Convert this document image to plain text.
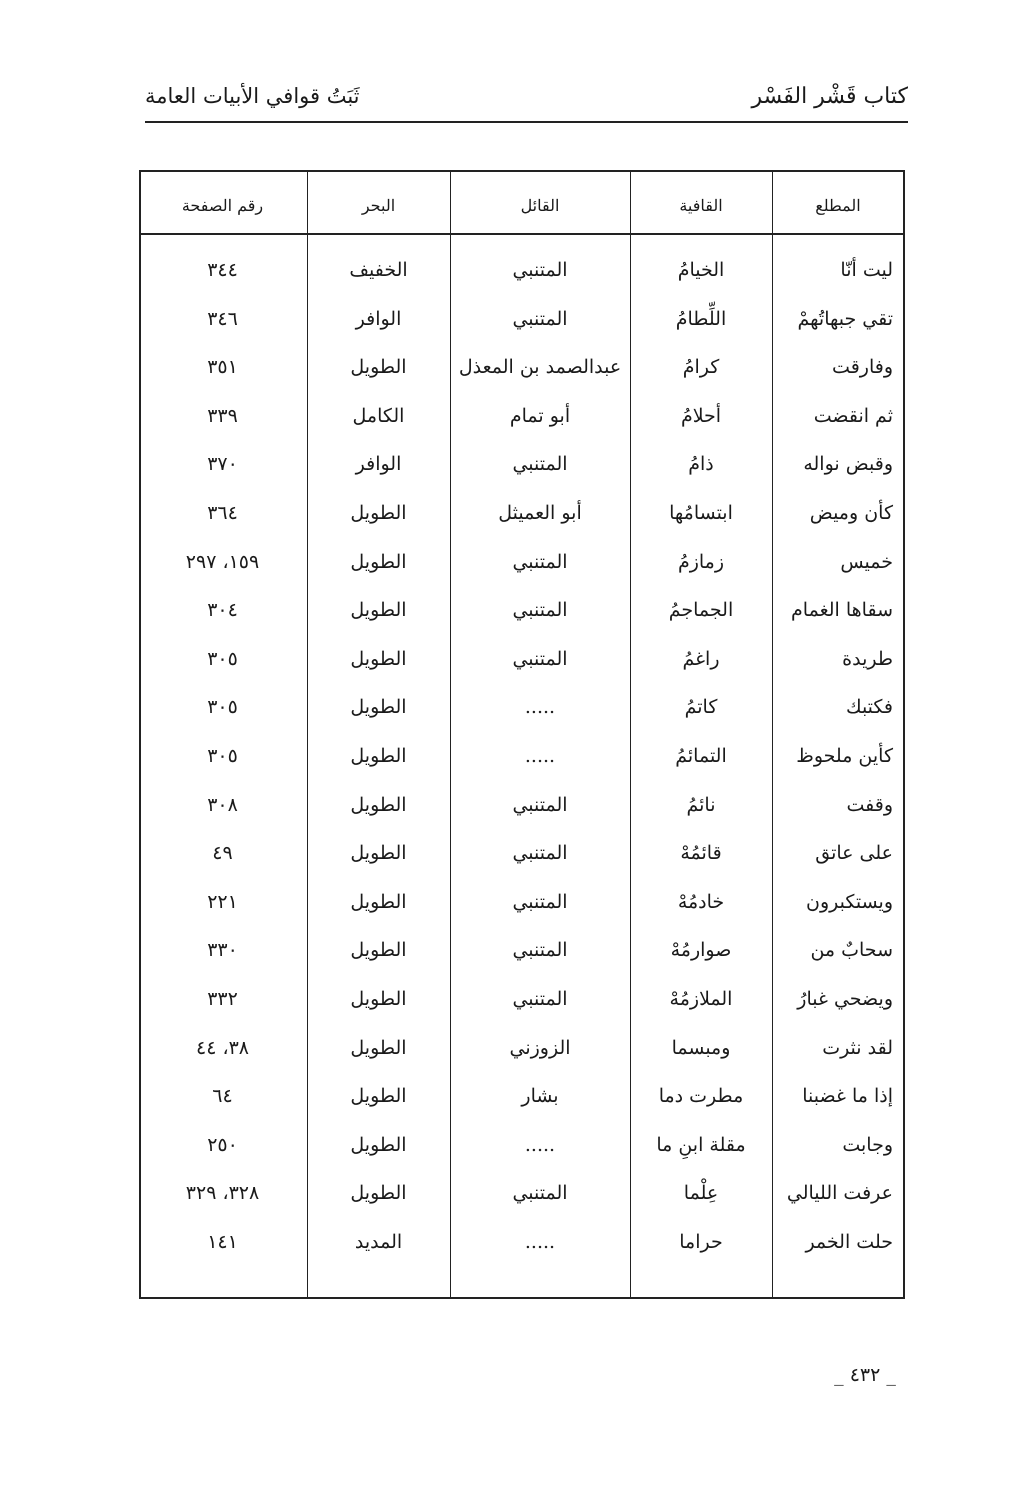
كتاب قَشْر الفَسْر
ثَبَتُ قوافي الأبيات العامة
المطلع
القافية
القائل
البحر
رقم الصفحة
ليت أنّا
الخيامُ
المتنبي
الخفيف
٣٤٤
تقي جبهاتُهمْ
اللِّطامُ
المتنبي
الوافر
٣٤٦
وفارقت
كرامُ
عبدالصمد بن المعذل
الطويل
٣٥١
ثم انقضت
أحلامُ
أبو تمام
الكامل
٣٣٩
وقبض نواله
ذامُ
المتنبي
الوافر
٣٧٠
كأن وميض
ابتسامُها
أبو العميثل
الطويل
٣٦٤
خميس
زمازمُ
المتنبي
الطويل
١٥٩، ٢٩٧
سقاها الغمام
الجماجمُ
المتنبي
الطويل
٣٠٤
طريدة
راغمُ
المتنبي
الطويل
٣٠٥
فكتبك
كاتمُ
.....
الطويل
٣٠٥
كأين ملحوظ
التمائمُ
.....
الطويل
٣٠٥
وقفت
نائمُ
المتنبي
الطويل
٣٠٨
على عاتق
قائمُهْ
المتنبي
الطويل
٤٩
ويستكبرون
خادمُهْ
المتنبي
الطويل
٢٢١
سحابٌ من
صوارمُهْ
المتنبي
الطويل
٣٣٠
ويضحي غبارُ
الملازمُهْ
المتنبي
الطويل
٣٣٢
لقد نثرت
ومبسما
الزوزني
الطويل
٣٨، ٤٤
إذا ما غضبنا
مطرت دما
بشار
الطويل
٦٤
وجابت
مقلة ابنِ ما
.....
الطويل
٢٥٠
عرفت الليالي
عِلْما
المتنبي
الطويل
٣٢٨، ٣٢٩
حلت الخمر
حراما
.....
المديد
١٤١
_ ٤٣٢ _
